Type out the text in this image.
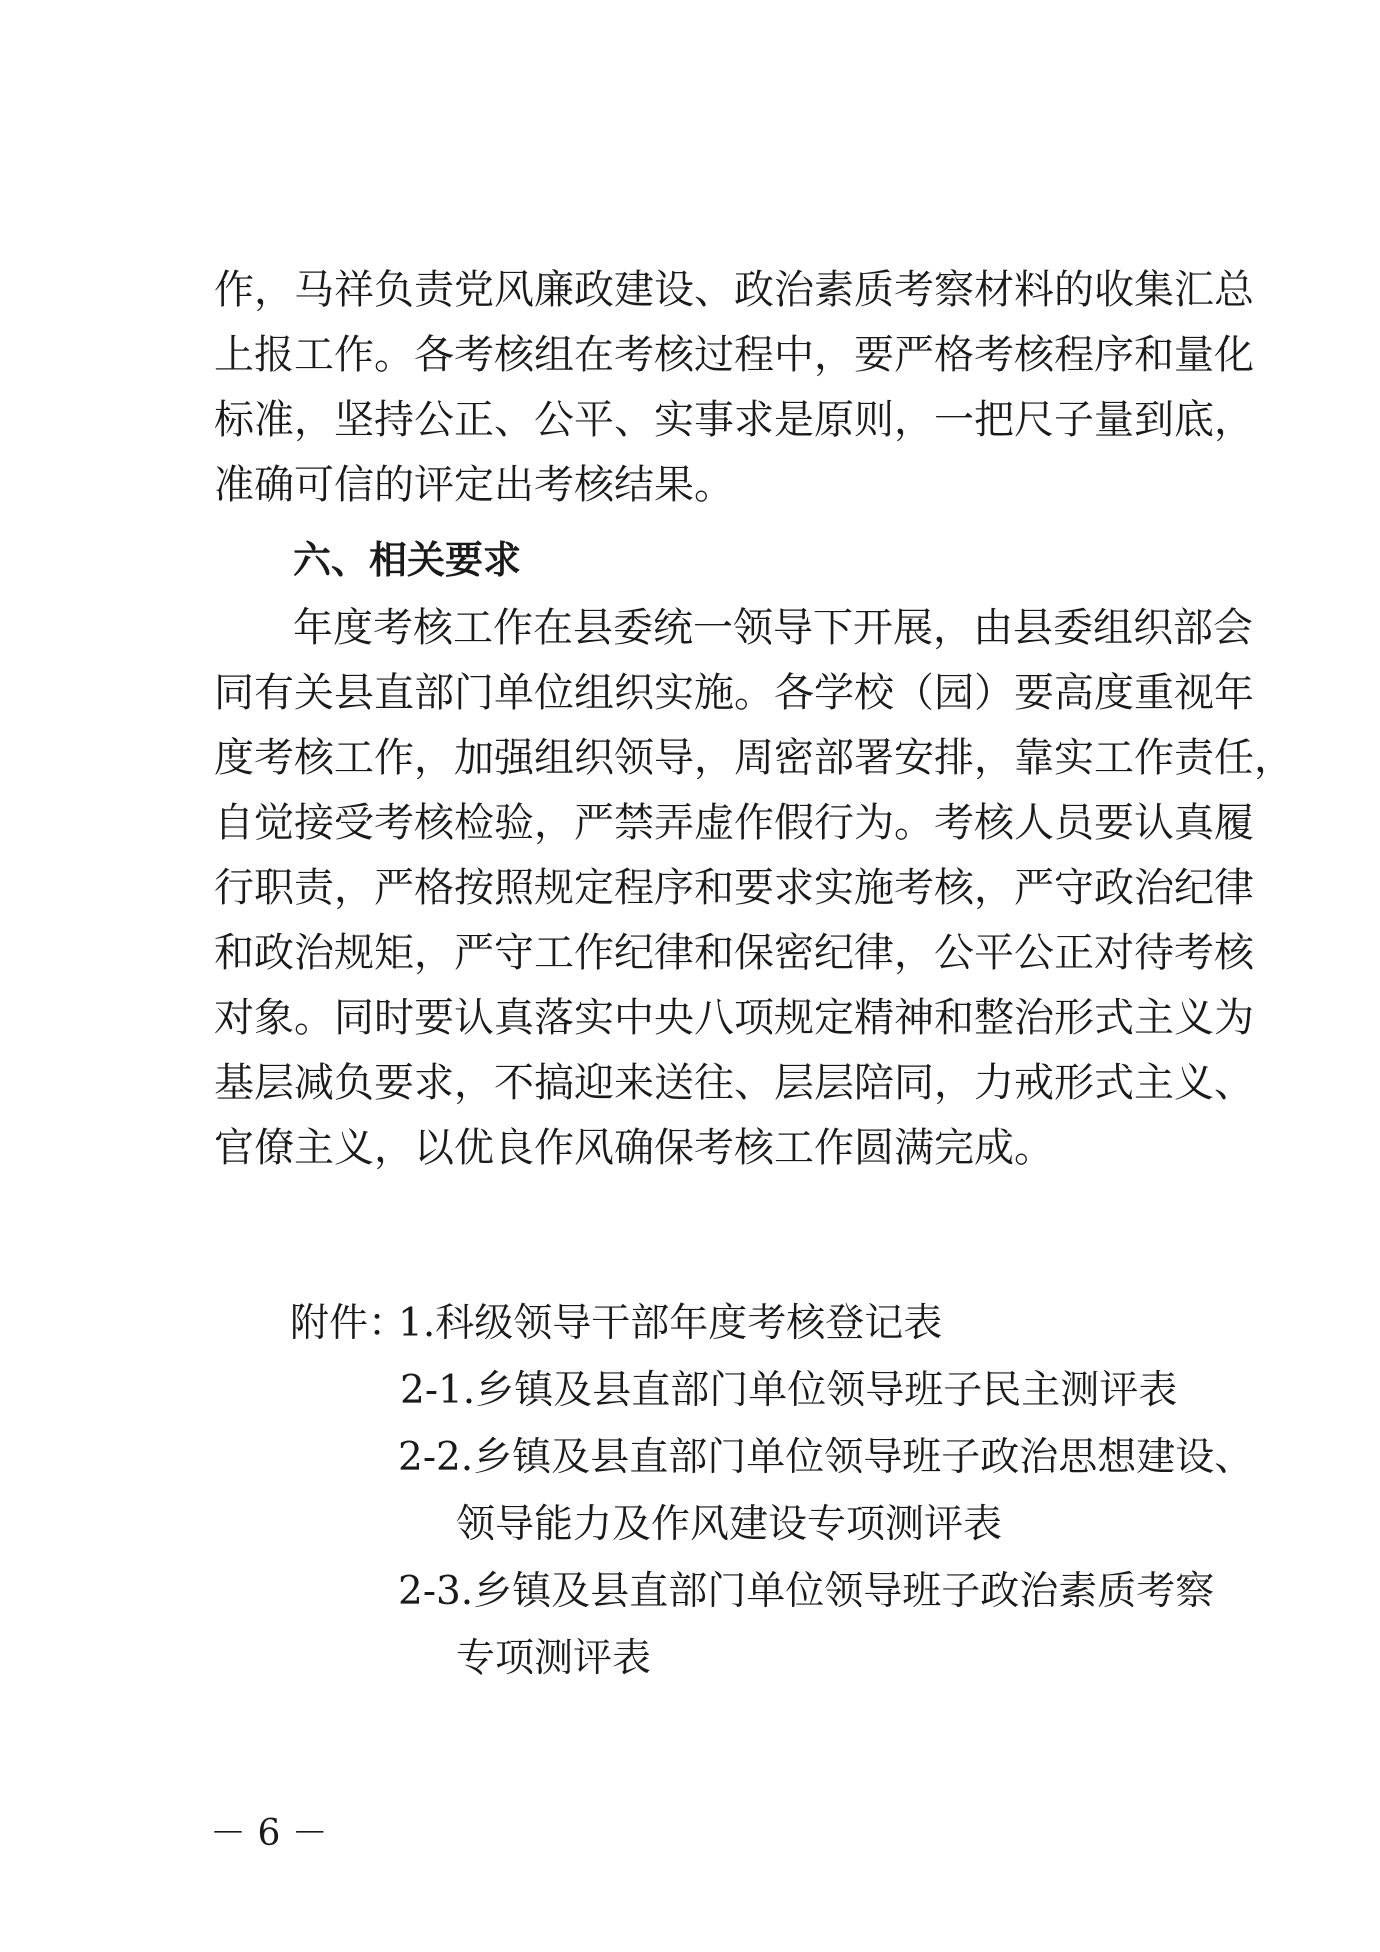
作，马祥负责党风廉政建设、政治素质考察材料的收集汇总

上报工作。各考核组在考核过程中，要严格考核程序和量化

标准，坚持公正、公平、实事求是原则，一把尺子量到底，

准确可信的评定出考核结果。

六、相关要求

年度考核工作在县委统一领导下开展，由县委组织部会

同有关县直部门单位组织实施。各学校（园）要高度重视年

度考核工作，加强组织领导，周密部署安排，靠实工作责任，

自觉接受考核检验，严禁弄虚作假行为。考核人员要认真履

行职责，严格按照规定程序和要求实施考核，严守政治纪律

和政治规矩，严守工作纪律和保密纪律，公平公正对待考核

对象。同时要认真落实中央八项规定精神和整治形式主义为

基层减负要求，不搞迎来送往、层层陪同，力戒形式主义、

官僚主义，以优良作风确保考核工作圆满完成。

附件：

1.科级领导干部年度考核登记表

2-1.乡镇及县直部门单位领导班子民主测评表

2-2.乡镇及县直部门单位领导班子政治思想建设、

领导能力及作风建设专项测评表

2-3.乡镇及县直部门单位领导班子政治素质考察

专项测评表

－ 6 －
